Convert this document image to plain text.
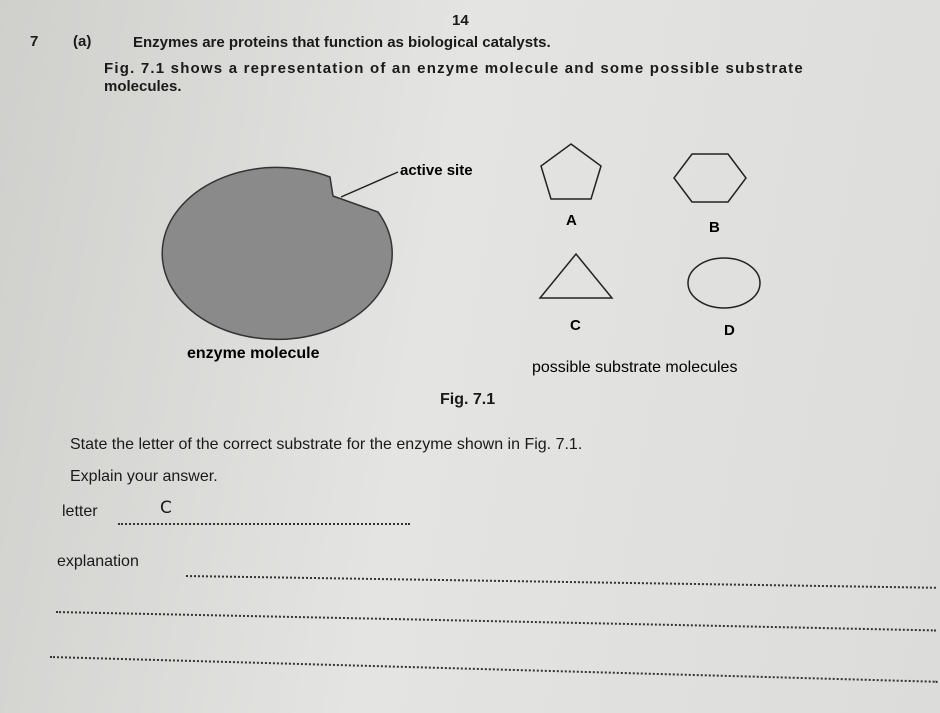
14
7 (a)	Enzymes are proteins that function as biological catalysts.
Fig. 7.1 shows a representation of an enzyme molecule and some possible substrate
molecules.
active site
A	B
C	D
enzyme molecule
possible substrate molecules
Fig. 7.1
State the letter of the correct substrate for the enzyme shown in Fig. 7.1.
Explain your answer.
letter	C
explanation
